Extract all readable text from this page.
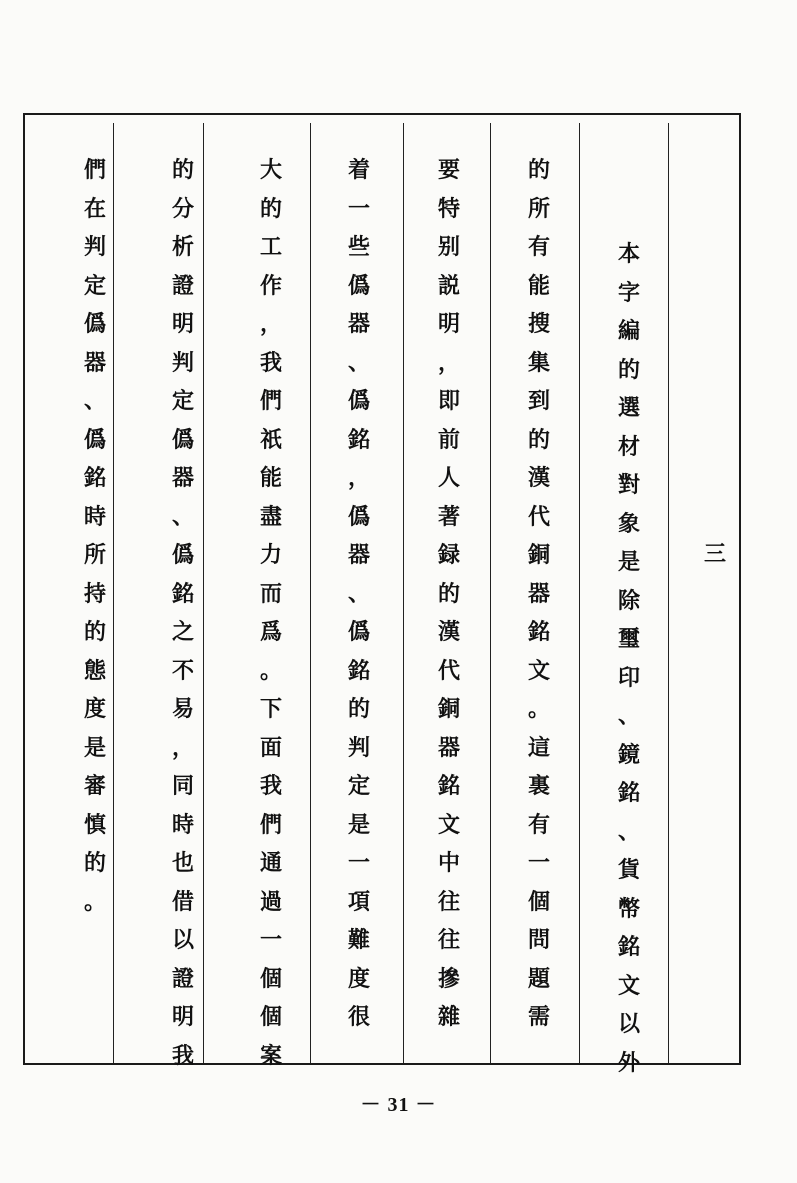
三
本
字
編
的
選
材
對
象
是
除
璽
印
、
鏡
銘
、
貨
幣
銘
文
以
外
的
所
有
能
搜
集
到
的
漢
代
銅
器
銘
文
。
這
裏
有
一
個
問
題
需
要
特
别
説
明
，
即
前
人
著
録
的
漢
代
銅
器
銘
文
中
往
往
摻
雜
着
一
些
僞
器
、
僞
銘
，
僞
器
、
僞
銘
的
判
定
是
一
項
難
度
很
大
的
工
作
，
我
們
祇
能
盡
力
而
爲
。
下
面
我
們
通
過
一
個
個
案
的
分
析
證
明
判
定
僞
器
、
僞
銘
之
不
易
，
同
時
也
借
以
證
明
我
們
在
判
定
僞
器
、
僞
銘
時
所
持
的
態
度
是
審
慎
的
。
－ 31 －
